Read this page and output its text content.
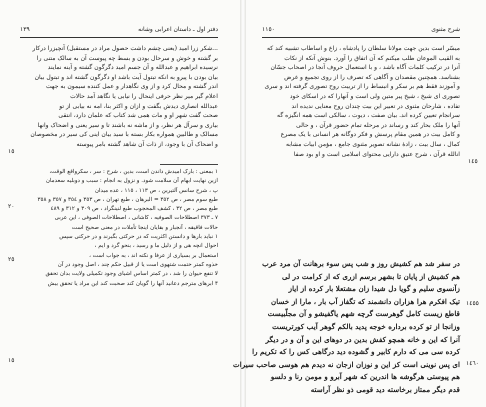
دفتر اول ـ داستان اعرابی وشانه
١٣٩
...شکر زرا امید (یعنی چشم داشت حصول مراد در مستقبل) آنچیزرا درکار
بر گشته و خوش و سرحال بودن و بسط چه پیوست آن به سالک متنی را
نرسیده ابراهیم و عبدالله و آن جسم امید دگرگون گشته و آینه نمایند
بیان بودن با پیرو به انکه تبتول آیت باشد او دگرگون گشته اند و تبتول بیان
اندر گشته و محال کرد و از وی نگاهدار و عمل کننده سیمون به جهت
اعلام گیر میر نظر حرفی اینحال را نیابی یا نگاهد آمد حالات
عبدالله انصاری دیدش بگفت و ازان و اکثر بنا، امه نه بیابی از تو
صحت گفت شهر او و مات همی شد کتاب که علمان دارد، انتقی
بیاری و سرآل هر نظر، و از ماشه نه باشند تا و سیر یعنی و اضحاک وانها
مسالک و طالبین همواره بکار بسته با سید بیان اینی کی سیر در مخصوصان
و اضحاک آن با وجود، از ذات آن شاهد گشته بامر پیوسته
١ بمعنی : بارک امیدش داندن است، بدین ، شرح : سر ، سکرواقع الوقت،
ازین نهایت ابهام آن سلامت شود. و نزول به انجام : سبب و دوبلیه سعدمان
پ ، شرح سانس آلتیرین ، ص ١١٣ ، ١١٥ ، عده میدان
طبع سوم مصر ، ص ٣٥٢ = البرهان ، طبع تهران ، ص ٣٥٣ و ٣٥٤ و ٣٥٧ و ٣٥٨
طبع مصر ، ص ٣٢ ، کشف المحجوب طبع لنینگراد ، ص ٣٠٩ و ٣١٢ و ٤٨٩
٧ ـ ٣٧٣ اصطلاحات الصوفیه ، کاشانی ، اصطلاحات الصوفی ، این عربی
حالات فاقیقه ، آنجبار و بقایان اینجا تأملات در معنی صحیح است
١ نباید بارها و دانستن اکثریت که در حرکتی بگیرند و در حرکتی سپس
احوال انچه هی و از دلیل ما و رسید ، بنحو گرد و ایم ،
استعمال بر بسیاری از عرفا و نکته اند ، به جواب است ،
خذوه کمتر ختمت شتهوی است یا از قبیل حکم چند ، اصل وجود در آن
لا تنفع حیوان را شد ، در کمتر اساس اشیای وجود تکمیلی ولایت بدان تحقق
۴ ابرهای مترجم دعانید آنها را گویان کند صحبت کند این مراد یا تحقق بیش
١٥
٢٠
٢٥
١٥
شرح مثنوی
١١٥٠
میسّر است بدین جهت مولانا سلطان را پادشاه ، زاغ و اساطاب تشبیه کند که
به القیب الموعان طلب میکنم که آن اتفاق را آورد. بنوش آنکه از نکات
آنرا در ترکیب کلمات آگاه باشد ، و با استعمال حروف آنجا در اصحاب جسّان
بشناسد. همچنین مقصدان و آگاهی که تصرف را از روی تجمیع و غرض
و آموزند فقط هم بر سکر و انبساط را از تربیت روح تصوری گرفته اند و سری
تصوری ای شیخ ، شیخ پیر متین ولی است و آنهارا که در اسکای خود
تفاده ، شارحان مثنوی در تعبیر این بیت چندان روح معنایی ندیده اند
سرانجام تعیین کرده اند. بیان صفت ، دیوت ، سالکی است همه انگیزه گه
آنها را ملک بحار کند و رساند در مرحله تمام حضور قرآن ، و حالی
و کامل بیت در همین مقام پرسش و فکر دوگانه هر انسانی با یک مصرع
کمال ، سال بیت ، زادۀ نشانه تصویر مثنوی جامع ، مؤمن ابیات مشابه
انالله قرآن ، شرح عتیق دارایی محتوای اسلامی است و او بود صفا
در سفر شد هم کشیش روز و شب پس سوء برهانت آن مرد عرب
هم کشیش از پایان تا بشهر برسم ازری که از کرامت در لی
زآنسوی سلیم و گویا دل شیدا زان مشتعلا بار کرده از ایاز
تیک افکرم هرا هزاران دانشمند که تگفاز آب بار ، مارا از خسان
قاطع زیست کامل گوهرست گرچه شهم یاگفیشو و آن مجلّبیست
وزانجا از تو کرده برداره خوجه پدید بالکم گوهر آیب کورتریست
آنرا که این و خانه همچو کفش بدین در دوهای این و آن و در دیگر
کرده سی می که دارم کابیر و گشوده دید درگاهی کس را که تکریم را
ای پس نوینی است کز این و نوزان ازجان نه دیدم هم هوسی صاحب سیرات
هم پیوستی هرگوشه ها اندرین که شهر آبرو و مومن رنا و دلسو
قدم دیگر ممتاز برخاسته دید قومی ذو نظر آراسته
١٤٥
١٤٥٥
١٤٦٠
